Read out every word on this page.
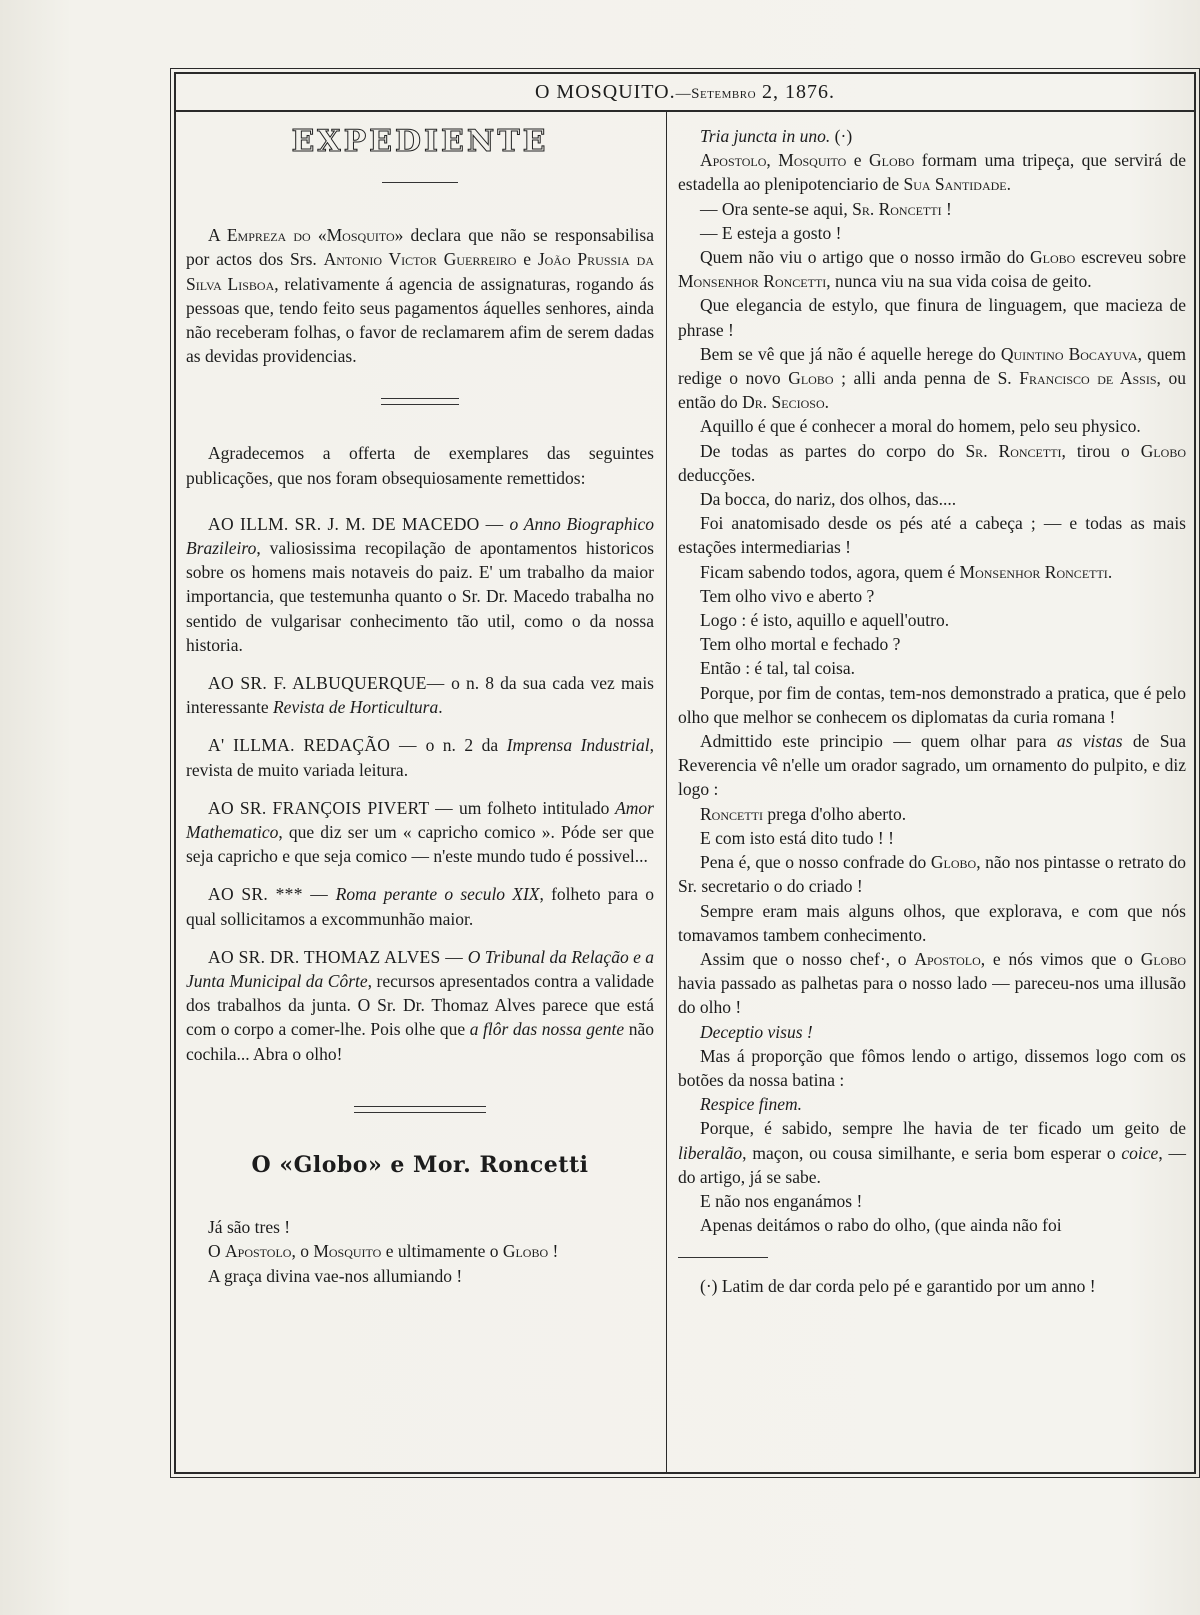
O MOSQUITO.—Setembro 2, 1876.
EXPEDIENTE

A Empreza do «Mosquito» declara que não se responsabilisa por actos dos Srs. Antonio Victor Guerreiro e João Prussia da Silva Lisboa, relativamente á agencia de assignaturas, rogando ás pessoas que, tendo feito seus pagamentos áquelles senhores, ainda não receberam folhas, o favor de reclamarem afim de serem dadas as devidas providencias.

Agradecemos a offerta de exemplares das seguintes publicações, que nos foram obsequiosamente remettidos:

AO ILLM. SR. J. M. DE MACEDO — o Anno Biographico Brazileiro, valiosissima recopilação de apontamentos historicos sobre os homens mais notaveis do paiz. E' um trabalho da maior importancia, que testemunha quanto o Sr. Dr. Macedo trabalha no sentido de vulgarisar conhecimento tão util, como o da nossa historia.

AO SR. F. ALBUQUERQUE— o n. 8 da sua cada vez mais interessante Revista de Horticultura.

A' ILLMA. REDAÇÃO — o n. 2 da Imprensa Industrial, revista de muito variada leitura.

AO SR. FRANÇOIS PIVERT — um folheto intitulado Amor Mathematico, que diz ser um « capricho comico ». Póde ser que seja capricho e que seja comico — n'este mundo tudo é possivel...

AO SR. *** — Roma perante o seculo XIX, folheto para o qual sollicitamos a excommunhão maior.

AO SR. DR. THOMAZ ALVES — O Tribunal da Relação e a Junta Municipal da Côrte, recursos apresentados contra a validade dos trabalhos da junta. O Sr. Dr. Thomaz Alves parece que está com o corpo a comer-lhe. Pois olhe que a flôr das nossa gente não cochila... Abra o olho!

O «Globo» e Mor. Roncetti

Já são tres !

O Apostolo, o Mosquito e ultimamente o Globo !

A graça divina vae-nos allumiando !

Tria juncta in uno. (·)

Apostolo, Mosquito e Globo formam uma tripeça, que servirá de estadella ao plenipotenciario de Sua Santidade.

— Ora sente-se aqui, Sr. Roncetti !

— E esteja a gosto !

Quem não viu o artigo que o nosso irmão do Globo escreveu sobre Monsenhor Roncetti, nunca viu na sua vida coisa de geito.

Que elegancia de estylo, que finura de linguagem, que macieza de phrase !

Bem se vê que já não é aquelle herege do Quintino Bocayuva, quem redige o novo Globo ; alli anda penna de S. Francisco de Assis, ou então do Dr. Secioso.

Aquillo é que é conhecer a moral do homem, pelo seu physico.

De todas as partes do corpo do Sr. Roncetti, tirou o Globo deducções.

Da bocca, do nariz, dos olhos, das....

Foi anatomisado desde os pés até a cabeça ; — e todas as mais estações intermediarias !

Ficam sabendo todos, agora, quem é Monsenhor Roncetti.

Tem olho vivo e aberto ?

Logo : é isto, aquillo e aquell'outro.

Tem olho mortal e fechado ?

Então : é tal, tal coisa.

Porque, por fim de contas, tem-nos demonstrado a pratica, que é pelo olho que melhor se conhecem os diplomatas da curia romana !

Admittido este principio — quem olhar para as vistas de Sua Reverencia vê n'elle um orador sagrado, um ornamento do pulpito, e diz logo :

Roncetti prega d'olho aberto.

E com isto está dito tudo ! !

Pena é, que o nosso confrade do Globo, não nos pintasse o retrato do Sr. secretario o do criado !

Sempre eram mais alguns olhos, que explorava, e com que nós tomavamos tambem conhecimento.

Assim que o nosso chef·, o Apostolo, e nós vimos que o Globo havia passado as palhetas para o nosso lado — pareceu-nos uma illusão do olho !

Deceptio visus !

Mas á proporção que fômos lendo o artigo, dissemos logo com os botões da nossa batina :

Respice finem.

Porque, é sabido, sempre lhe havia de ter ficado um geito de liberalão, maçon, ou cousa similhante, e seria bom esperar o coice, — do artigo, já se sabe.

E não nos enganámos !

Apenas deitámos o rabo do olho, (que ainda não foi

(·) Latim de dar corda pelo pé e garantido por um anno !
